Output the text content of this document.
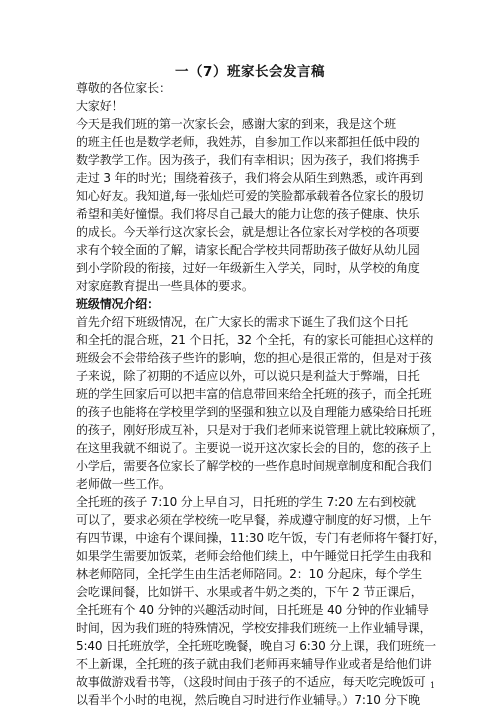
一（7）班家长会发言稿
尊敬的各位家长：
大家好！
今天是我们班的第一次家长会，感谢大家的到来，我是这个班
的班主任也是数学老师，我姓苏，自参加工作以来都担任低中段的
数学教学工作。因为孩子，我们有幸相识；因为孩子，我们将携手
走过 3 年的时光；围绕着孩子，我们将会从陌生到熟悉，或许再到
知心好友。我知道,每一张灿烂可爱的笑脸都承载着各位家长的殷切
希望和美好憧憬。我们将尽自己最大的能力让您的孩子健康、快乐
的成长。今天举行这次家长会，就是想让各位家长对学校的各项要
求有个较全面的了解，请家长配合学校共同帮助孩子做好从幼儿园
到小学阶段的衔接，过好一年级新生入学关，同时，从学校的角度
对家庭教育提出一些具体的要求。
班级情况介绍：
首先介绍下班级情况，在广大家长的需求下诞生了我们这个日托
和全托的混合班，21 个日托，32 个全托，有的家长可能担心这样的
班级会不会带给孩子些许的影响，您的担心是很正常的，但是对于孩
子来说，除了初期的不适应以外，可以说只是利益大于弊端，日托
班的学生回家后可以把丰富的信息带回来给全托班的孩子，而全托班
的孩子也能将在学校里学到的坚强和独立以及自理能力感染给日托班
的孩子，刚好形成互补，只是对于我们老师来说管理上就比较麻烦了，
在这里我就不细说了。主要说一说开这次家长会的目的，您的孩子上
小学后，需要各位家长了解学校的一些作息时间规章制度和配合我们
老师做一些工作。
全托班的孩子 7:10 分上早自习，日托班的学生 7:20 左右到校就
可以了，要求必须在学校统一吃早餐，养成遵守制度的好习惯，上午
有四节课，中途有个课间操，11:30 吃午饭，专门有老师将午餐打好，
如果学生需要加饭菜，老师会给他们续上，中午睡觉日托学生由我和
林老师陪同，全托学生由生活老师陪同。2：10 分起床，每个学生
会吃课间餐，比如饼干、水果或者牛奶之类的，下午 2 节正课后，
全托班有个 40 分钟的兴趣活动时间，日托班是 40 分钟的作业辅导
时间，因为我们班的特殊情况，学校安排我们班统一上作业辅导课，
5:40 日托班放学，全托班吃晚餐，晚自习 6:30 分上课，我们班统一
不上新课，全托班的孩子就由我们老师再来辅导作业或者是给他们讲
故事做游戏看书等，（这段时间由于孩子的不适应，每天吃完晚饭可
以看半个小时的电视，然后晚自习时进行作业辅导。）7:10 分下晚
1
